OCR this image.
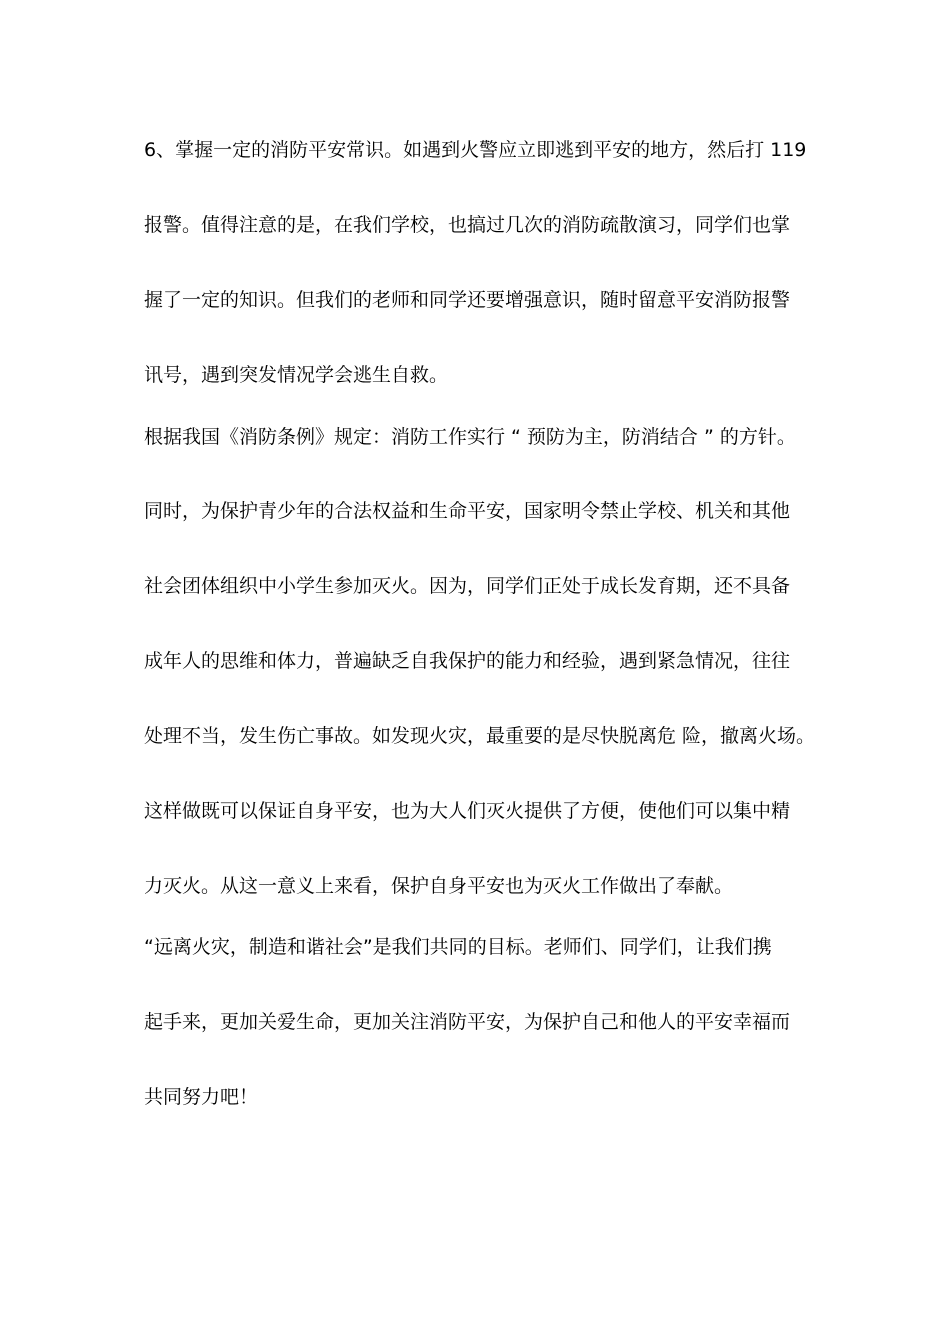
6、掌握一定的消防平安常识。如遇到火警应立即逃到平安的地方，然后打 119
报警。值得注意的是，在我们学校，也搞过几次的消防疏散演习，同学们也掌
握了一定的知识。但我们的老师和同学还要增强意识，随时留意平安消防报警
讯号，遇到突发情况学会逃生自救。
根据我国《消防条例》规定：消防工作实行 “ 预防为主，防消结合 ” 的方针。
同时，为保护青少年的合法权益和生命平安，国家明令禁止学校、机关和其他
社会团体组织中小学生参加灭火。因为，同学们正处于成长发育期，还不具备
成年人的思维和体力，普遍缺乏自我保护的能力和经验，遇到紧急情况，往往
处理不当，发生伤亡事故。如发现火灾，最重要的是尽快脱离危 险，撤离火场。
这样做既可以保证自身平安，也为大人们灭火提供了方便，使他们可以集中精
力灭火。从这一意义上来看，保护自身平安也为灭火工作做出了奉献。
“远离火灾，制造和谐社会”是我们共同的目标。老师们、同学们，让我们携
起手来，更加关爱生命，更加关注消防平安，为保护自己和他人的平安幸福而
共同努力吧！
